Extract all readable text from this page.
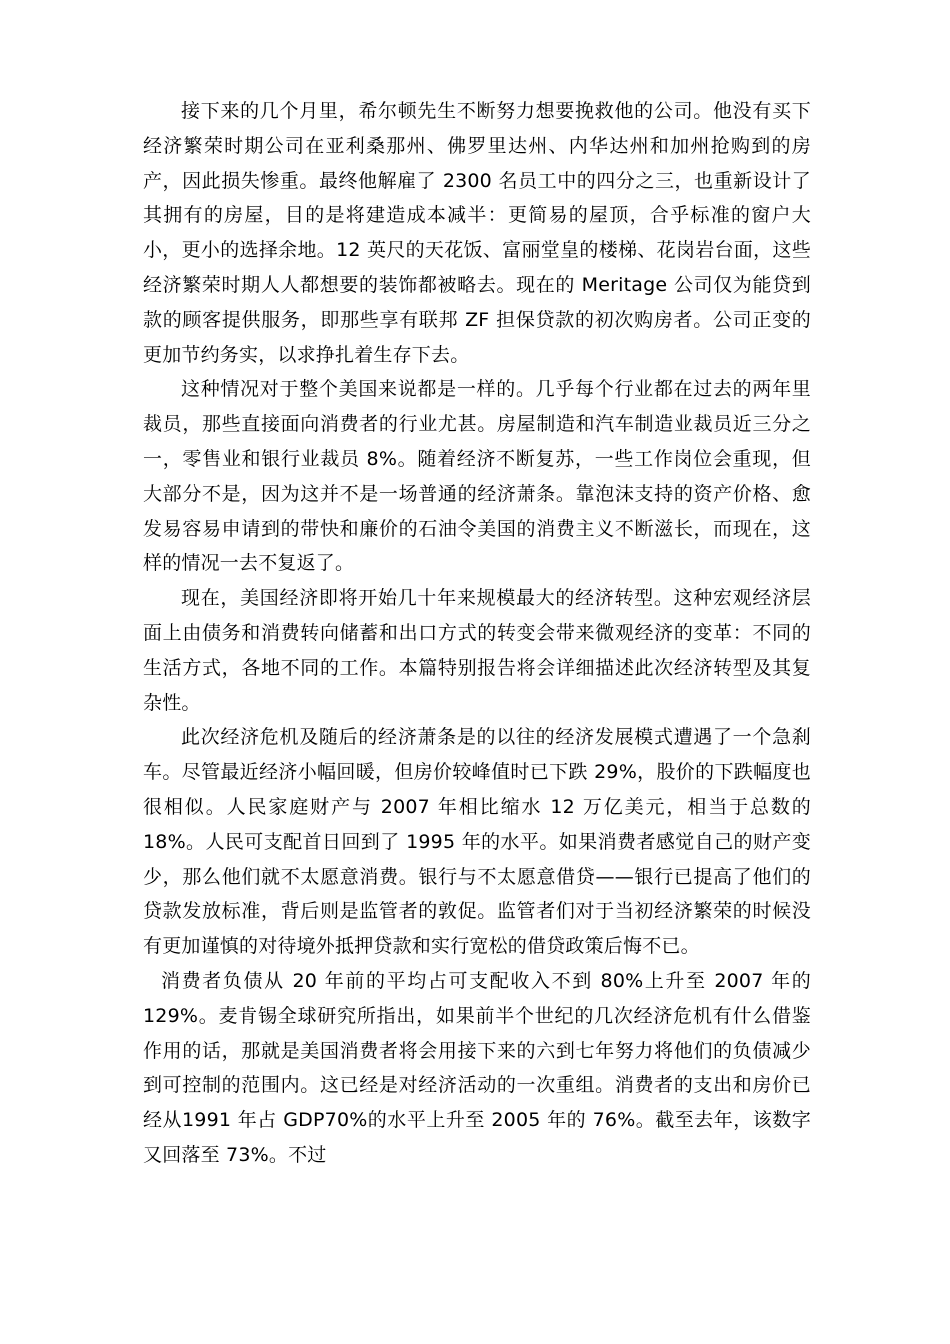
接下来的几个月里，希尔顿先生不断努力想要挽救他的公司。他没有买下经济繁荣时期公司在亚利桑那州、佛罗里达州、内华达州和加州抢购到的房产，因此损失惨重。最终他解雇了 2300 名员工中的四分之三，也重新设计了其拥有的房屋，目的是将建造成本减半：更简易的屋顶，合乎标准的窗户大小，更小的选择余地。12 英尺的天花饭、富丽堂皇的楼梯、花岗岩台面，这些经济繁荣时期人人都想要的装饰都被略去。现在的 Meritage 公司仅为能贷到款的顾客提供服务，即那些享有联邦 ZF 担保贷款的初次购房者。公司正变的更加节约务实，以求挣扎着生存下去。

这种情况对于整个美国来说都是一样的。几乎每个行业都在过去的两年里裁员，那些直接面向消费者的行业尤甚。房屋制造和汽车制造业裁员近三分之一，零售业和银行业裁员 8%。随着经济不断复苏，一些工作岗位会重现，但大部分不是，因为这并不是一场普通的经济萧条。靠泡沫支持的资产价格、愈发易容易申请到的带快和廉价的石油令美国的消费主义不断滋长，而现在，这样的情况一去不复返了。

现在，美国经济即将开始几十年来规模最大的经济转型。这种宏观经济层面上由债务和消费转向储蓄和出口方式的转变会带来微观经济的变革：不同的生活方式，各地不同的工作。本篇特别报告将会详细描述此次经济转型及其复杂性。

此次经济危机及随后的经济萧条是的以往的经济发展模式遭遇了一个急刹车。尽管最近经济小幅回暖，但房价较峰值时已下跌 29%，股价的下跌幅度也很相似。人民家庭财产与 2007 年相比缩水 12 万亿美元，相当于总数的 18%。人民可支配首日回到了 1995 年的水平。如果消费者感觉自己的财产变少，那么他们就不太愿意消费。银行与不太愿意借贷——银行已提高了他们的贷款发放标准，背后则是监管者的敦促。监管者们对于当初经济繁荣的时候没有更加谨慎的对待境外抵押贷款和实行宽松的借贷政策后悔不已。

消费者负债从 20 年前的平均占可支配收入不到 80%上升至 2007 年的 129%。麦肯锡全球研究所指出，如果前半个世纪的几次经济危机有什么借鉴作用的话，那就是美国消费者将会用接下来的六到七年努力将他们的负债减少到可控制的范围内。这已经是对经济活动的一次重组。消费者的支出和房价已经从1991 年占 GDP70%的水平上升至 2005 年的 76%。截至去年，该数字又回落至 73%。不过
